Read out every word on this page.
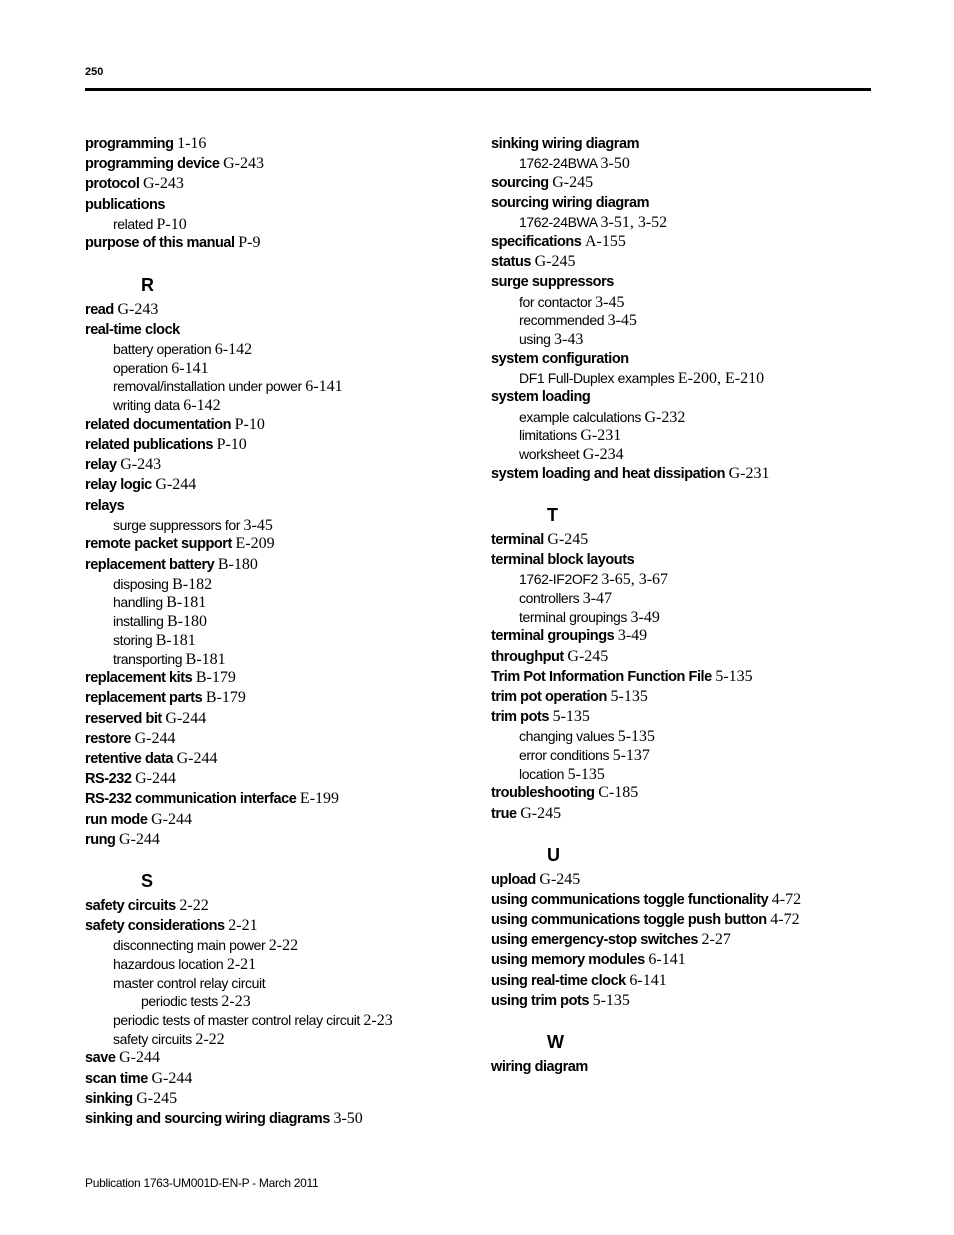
250
programming 1-16
programming device G-243
protocol G-243
publications
related P-10
purpose of this manual P-9
R
read G-243
real-time clock
battery operation 6-142
operation 6-141
removal/installation under power 6-141
writing data 6-142
related documentation P-10
related publications P-10
relay G-243
relay logic G-244
relays
surge suppressors for 3-45
remote packet support E-209
replacement battery B-180
disposing B-182
handling B-181
installing B-180
storing B-181
transporting B-181
replacement kits B-179
replacement parts B-179
reserved bit G-244
restore G-244
retentive data G-244
RS-232 G-244
RS-232 communication interface E-199
run mode G-244
rung G-244
S
safety circuits 2-22
safety considerations 2-21
disconnecting main power 2-22
hazardous location 2-21
master control relay circuit
periodic tests 2-23
periodic tests of master control relay circuit 2-23
safety circuits 2-22
save G-244
scan time G-244
sinking G-245
sinking and sourcing wiring diagrams 3-50
sinking wiring diagram
1762-24BWA 3-50
sourcing G-245
sourcing wiring diagram
1762-24BWA 3-51, 3-52
specifications A-155
status G-245
surge suppressors
for contactor 3-45
recommended 3-45
using 3-43
system configuration
DF1 Full-Duplex examples E-200, E-210
system loading
example calculations G-232
limitations G-231
worksheet G-234
system loading and heat dissipation G-231
T
terminal G-245
terminal block layouts
1762-IF2OF2 3-65, 3-67
controllers 3-47
terminal groupings 3-49
terminal groupings 3-49
throughput G-245
Trim Pot Information Function File 5-135
trim pot operation 5-135
trim pots 5-135
changing values 5-135
error conditions 5-137
location 5-135
troubleshooting C-185
true G-245
U
upload G-245
using communications toggle functionality 4-72
using communications toggle push button 4-72
using emergency-stop switches 2-27
using memory modules 6-141
using real-time clock 6-141
using trim pots 5-135
W
wiring diagram
Publication 1763-UM001D-EN-P - March 2011
